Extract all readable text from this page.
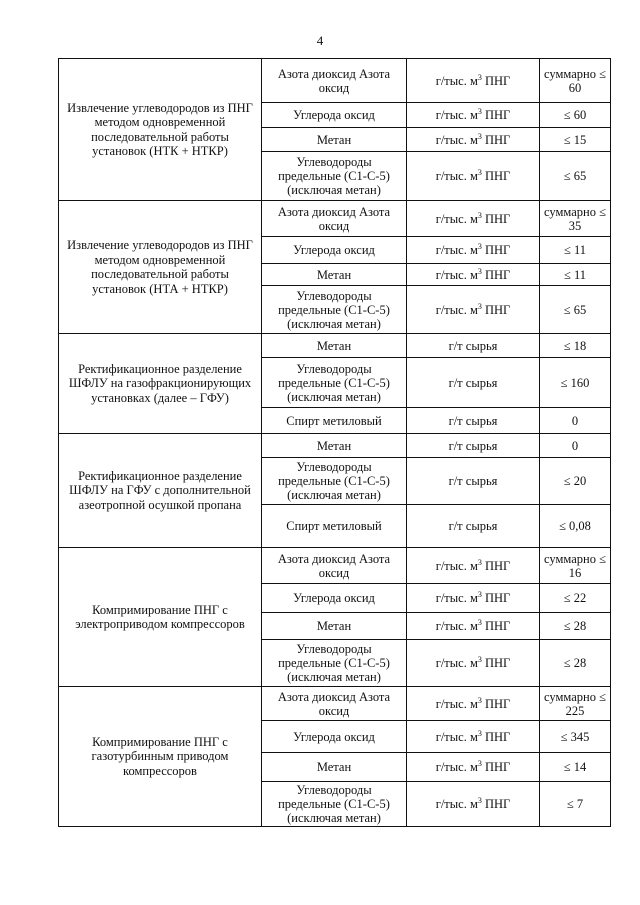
4
Извлечение углеводородов из ПНГ методом одновременной последовательной работы установок (НТК + НТКР)	Азота диоксид Азота оксид	г/тыс. $м^3$ ПНГ	суммарно ≤ 60
	Углерода оксид	г/тыс. $м^3$ ПНГ	≤ 60
	Метан	г/тыс. $м^3$ ПНГ	≤ 15
	Углеводороды предельные (С1-С-5) (исключая метан)	г/тыс. $м^3$ ПНГ	≤ 65
Извлечение углеводородов из ПНГ методом одновременной последовательной работы установок (НТА + НТКР)	Азота диоксид Азота оксид	г/тыс. $м^3$ ПНГ	суммарно ≤ 35
	Углерода оксид	г/тыс. $м^3$ ПНГ	≤ 11
	Метан	г/тыс. $м^3$ ПНГ	≤ 11
	Углеводороды предельные (С1-С-5) (исключая метан)	г/тыс. $м^3$ ПНГ	≤ 65
Ректификационное разделение ШФЛУ на газофракционирующих установках (далее – ГФУ)	Метан	г/т сырья	≤ 18
	Углеводороды предельные (С1-С-5) (исключая метан)	г/т сырья	≤ 160
	Спирт метиловый	г/т сырья	0
Ректификационное разделение ШФЛУ на ГФУ с дополнительной азеотропной осушкой пропана	Метан	г/т сырья	0
	Углеводороды предельные (С1-С-5) (исключая метан)	г/т сырья	≤ 20
	Спирт метиловый	г/т сырья	≤ 0,08
Компримирование ПНГ с электроприводом компрессоров	Азота диоксид Азота оксид	г/тыс. $м^3$ ПНГ	суммарно ≤ 16
	Углерода оксид	г/тыс. $м^3$ ПНГ	≤ 22
	Метан	г/тыс. $м^3$ ПНГ	≤ 28
	Углеводороды предельные (С1-С-5) (исключая метан)	г/тыс. $м^3$ ПНГ	≤ 28
Компримирование ПНГ с газотурбинным приводом компрессоров	Азота диоксид Азота оксид	г/тыс. $м^3$ ПНГ	суммарно ≤ 225
	Углерода оксид	г/тыс. $м^3$ ПНГ	≤ 345
	Метан	г/тыс. $м^3$ ПНГ	≤ 14
	Углеводороды предельные (С1-С-5) (исключая метан)	г/тыс. $м^3$ ПНГ	≤ 7
